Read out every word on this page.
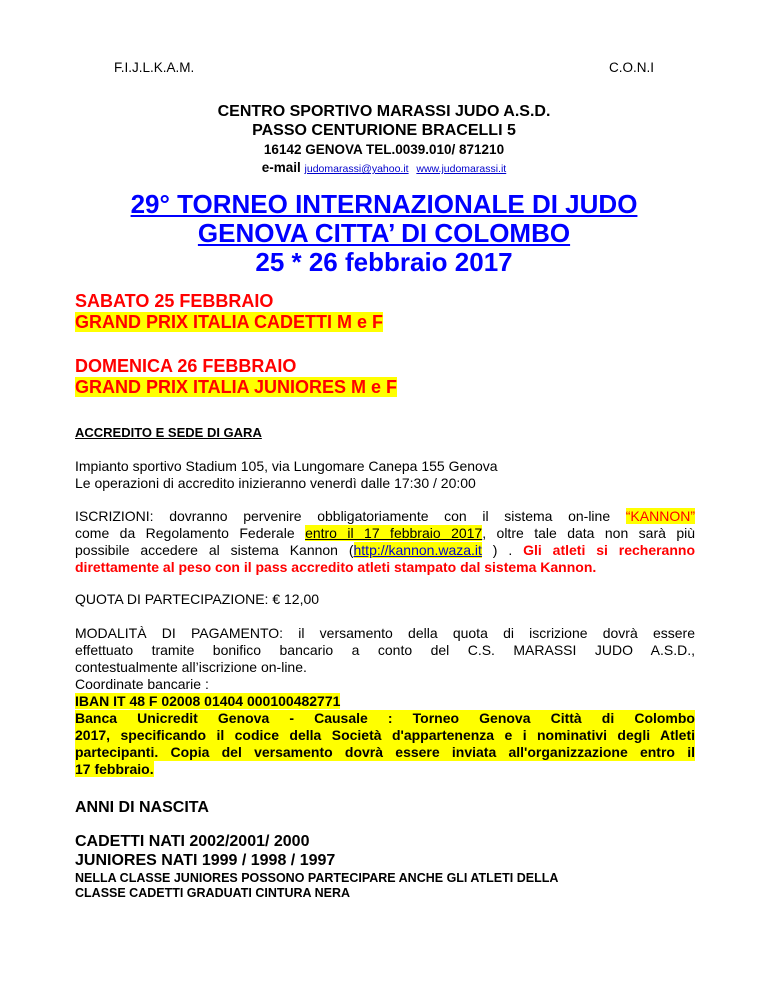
F.I.J.L.K.A.M.	C.O.N.I
CENTRO SPORTIVO MARASSI JUDO A.S.D.
PASSO CENTURIONE BRACELLI 5
16142 GENOVA TEL.0039.010/ 871210
e-mail judomarassi@yahoo.it www.judomarassi.it
29° TORNEO INTERNAZIONALE DI JUDO
GENOVA CITTA’ DI COLOMBO
25 * 26 febbraio 2017
SABATO 25 FEBBRAIO
GRAND PRIX ITALIA CADETTI M e F
DOMENICA 26 FEBBRAIO
GRAND PRIX ITALIA JUNIORES M e F
ACCREDITO E SEDE DI GARA
Impianto sportivo Stadium 105, via Lungomare Canepa 155 Genova
Le operazioni di accredito inizieranno venerdì dalle 17:30 / 20:00
ISCRIZIONI: dovranno pervenire obbligatoriamente con il sistema on-line “KANNON”
come da Regolamento Federale entro il 17 febbraio 2017, oltre tale data non sarà più
possibile accedere al sistema Kannon (http://kannon.waza.it ) . Gli atleti si recheranno
direttamente al peso con il pass accredito atleti stampato dal sistema Kannon.
QUOTA DI PARTECIPAZIONE: € 12,00
MODALITÀ DI PAGAMENTO: il versamento della quota di iscrizione dovrà essere
effettuato tramite bonifico bancario a conto del C.S. MARASSI JUDO A.S.D.,
contestualmente all’iscrizione on-line.
Coordinate bancarie :
IBAN IT 48 F 02008 01404 000100482771
Banca Unicredit Genova - Causale : Torneo Genova Città di Colombo
2017, specificando il codice della Società d'appartenenza e i nominativi degli Atleti
partecipanti. Copia del versamento dovrà essere inviata all'organizzazione entro il
17 febbraio.
ANNI DI NASCITA
CADETTI NATI 2002/2001/ 2000
JUNIORES NATI 1999 / 1998 / 1997
NELLA CLASSE JUNIORES POSSONO PARTECIPARE ANCHE GLI ATLETI DELLA
CLASSE CADETTI GRADUATI CINTURA NERA
